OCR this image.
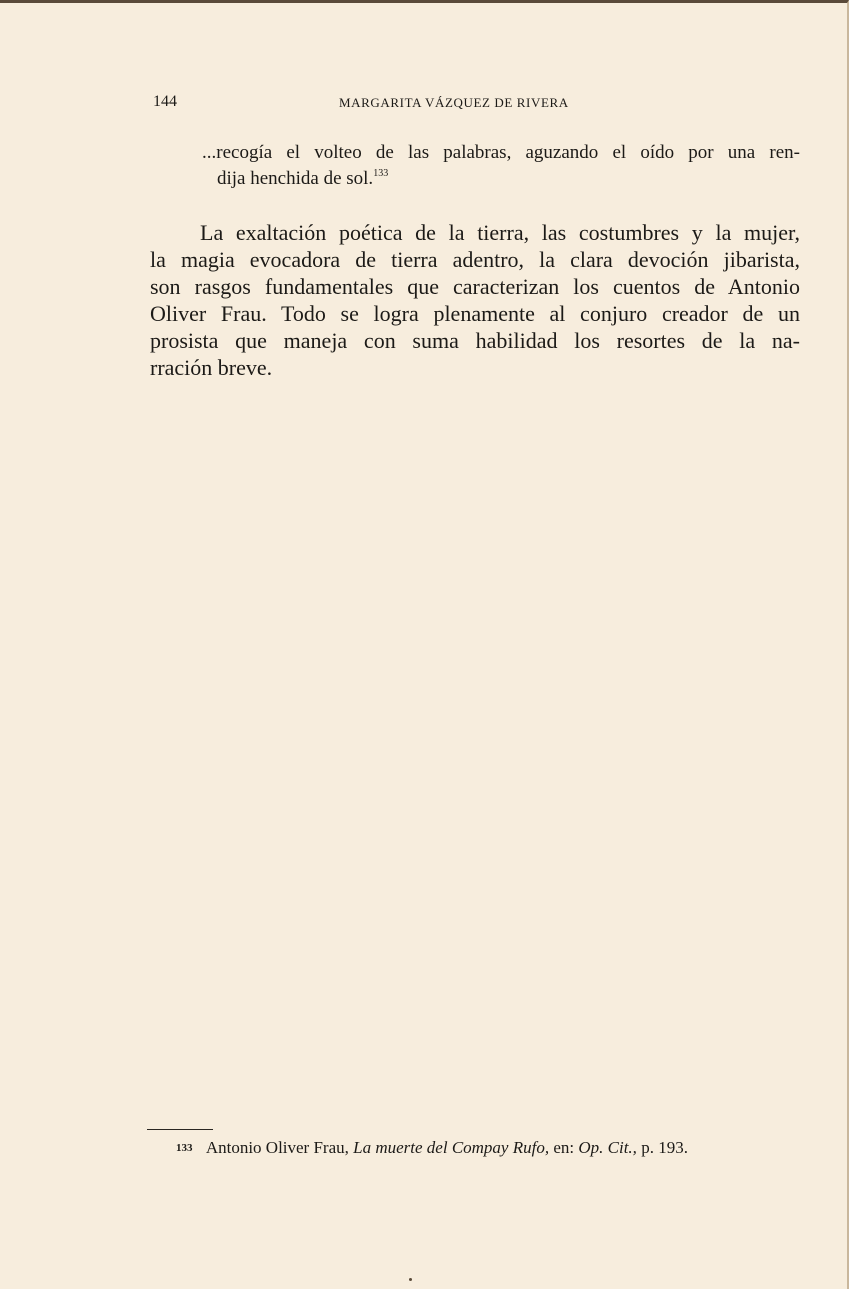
144	MARGARITA VÁZQUEZ DE RIVERA
...recogía el volteo de las palabras, aguzando el oído por una ren-
dija henchida de sol.$^{133}$
La exaltación poética de la tierra, las costumbres y la mujer,
la magia evocadora de tierra adentro, la clara devoción jibarista,
son rasgos fundamentales que caracterizan los cuentos de Antonio
Oliver Frau. Todo se logra plenamente al conjuro creador de un
prosista que maneja con suma habilidad los resortes de la na-
rración breve.
133 Antonio Oliver Frau, La muerte del Compay Rufo, en: Op. Cit., p. 193.
